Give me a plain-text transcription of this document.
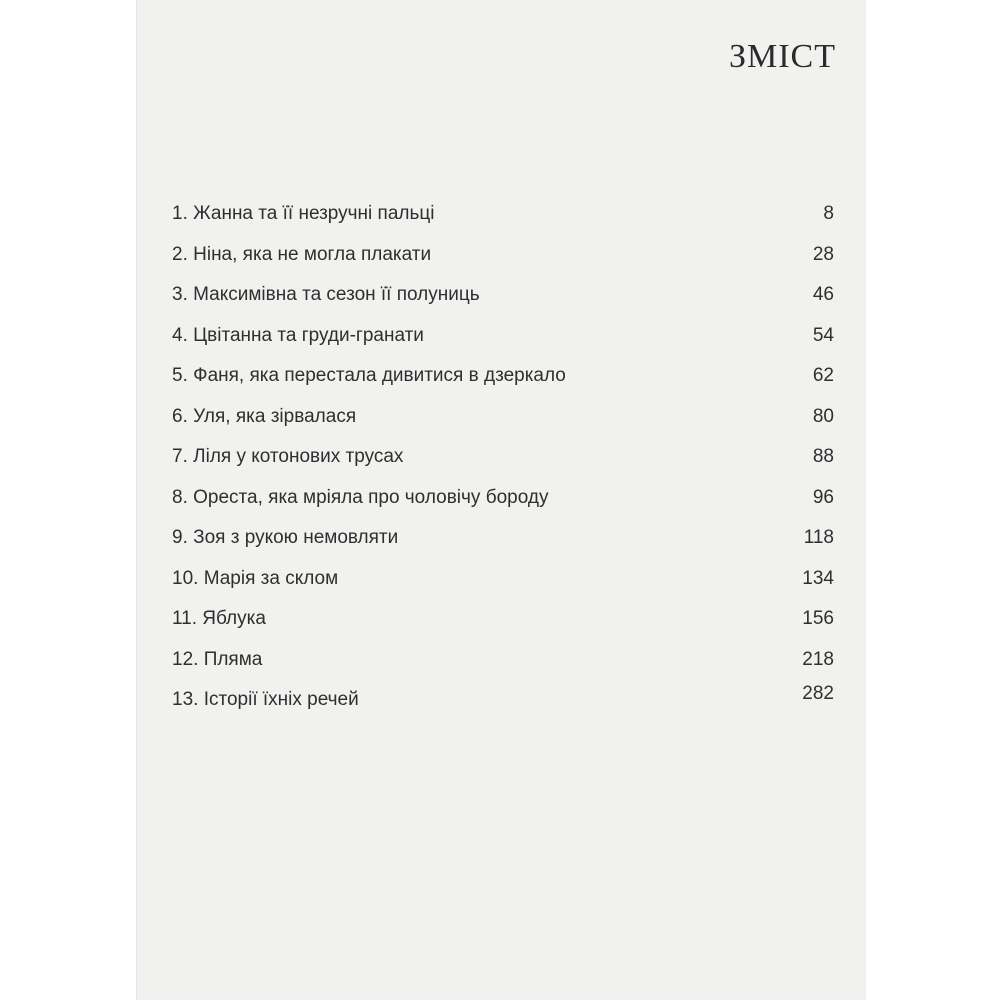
ЗМІСТ
1. Жанна та її незручні пальці	8
2. Ніна, яка не могла плакати	28
3. Максимівна та сезон її полуниць	46
4. Цвітанна та груди-гранати	54
5. Фаня, яка перестала дивитися в дзеркало	62
6. Уля, яка зірвалася	80
7. Ліля у котонових трусах	88
8. Ореста, яка мріяла про чоловічу бороду	96
9. Зоя з рукою немовляти	118
10. Марія за склом	134
11. Яблука	156
12. Пляма	218
13. Історії їхніх речей	282
